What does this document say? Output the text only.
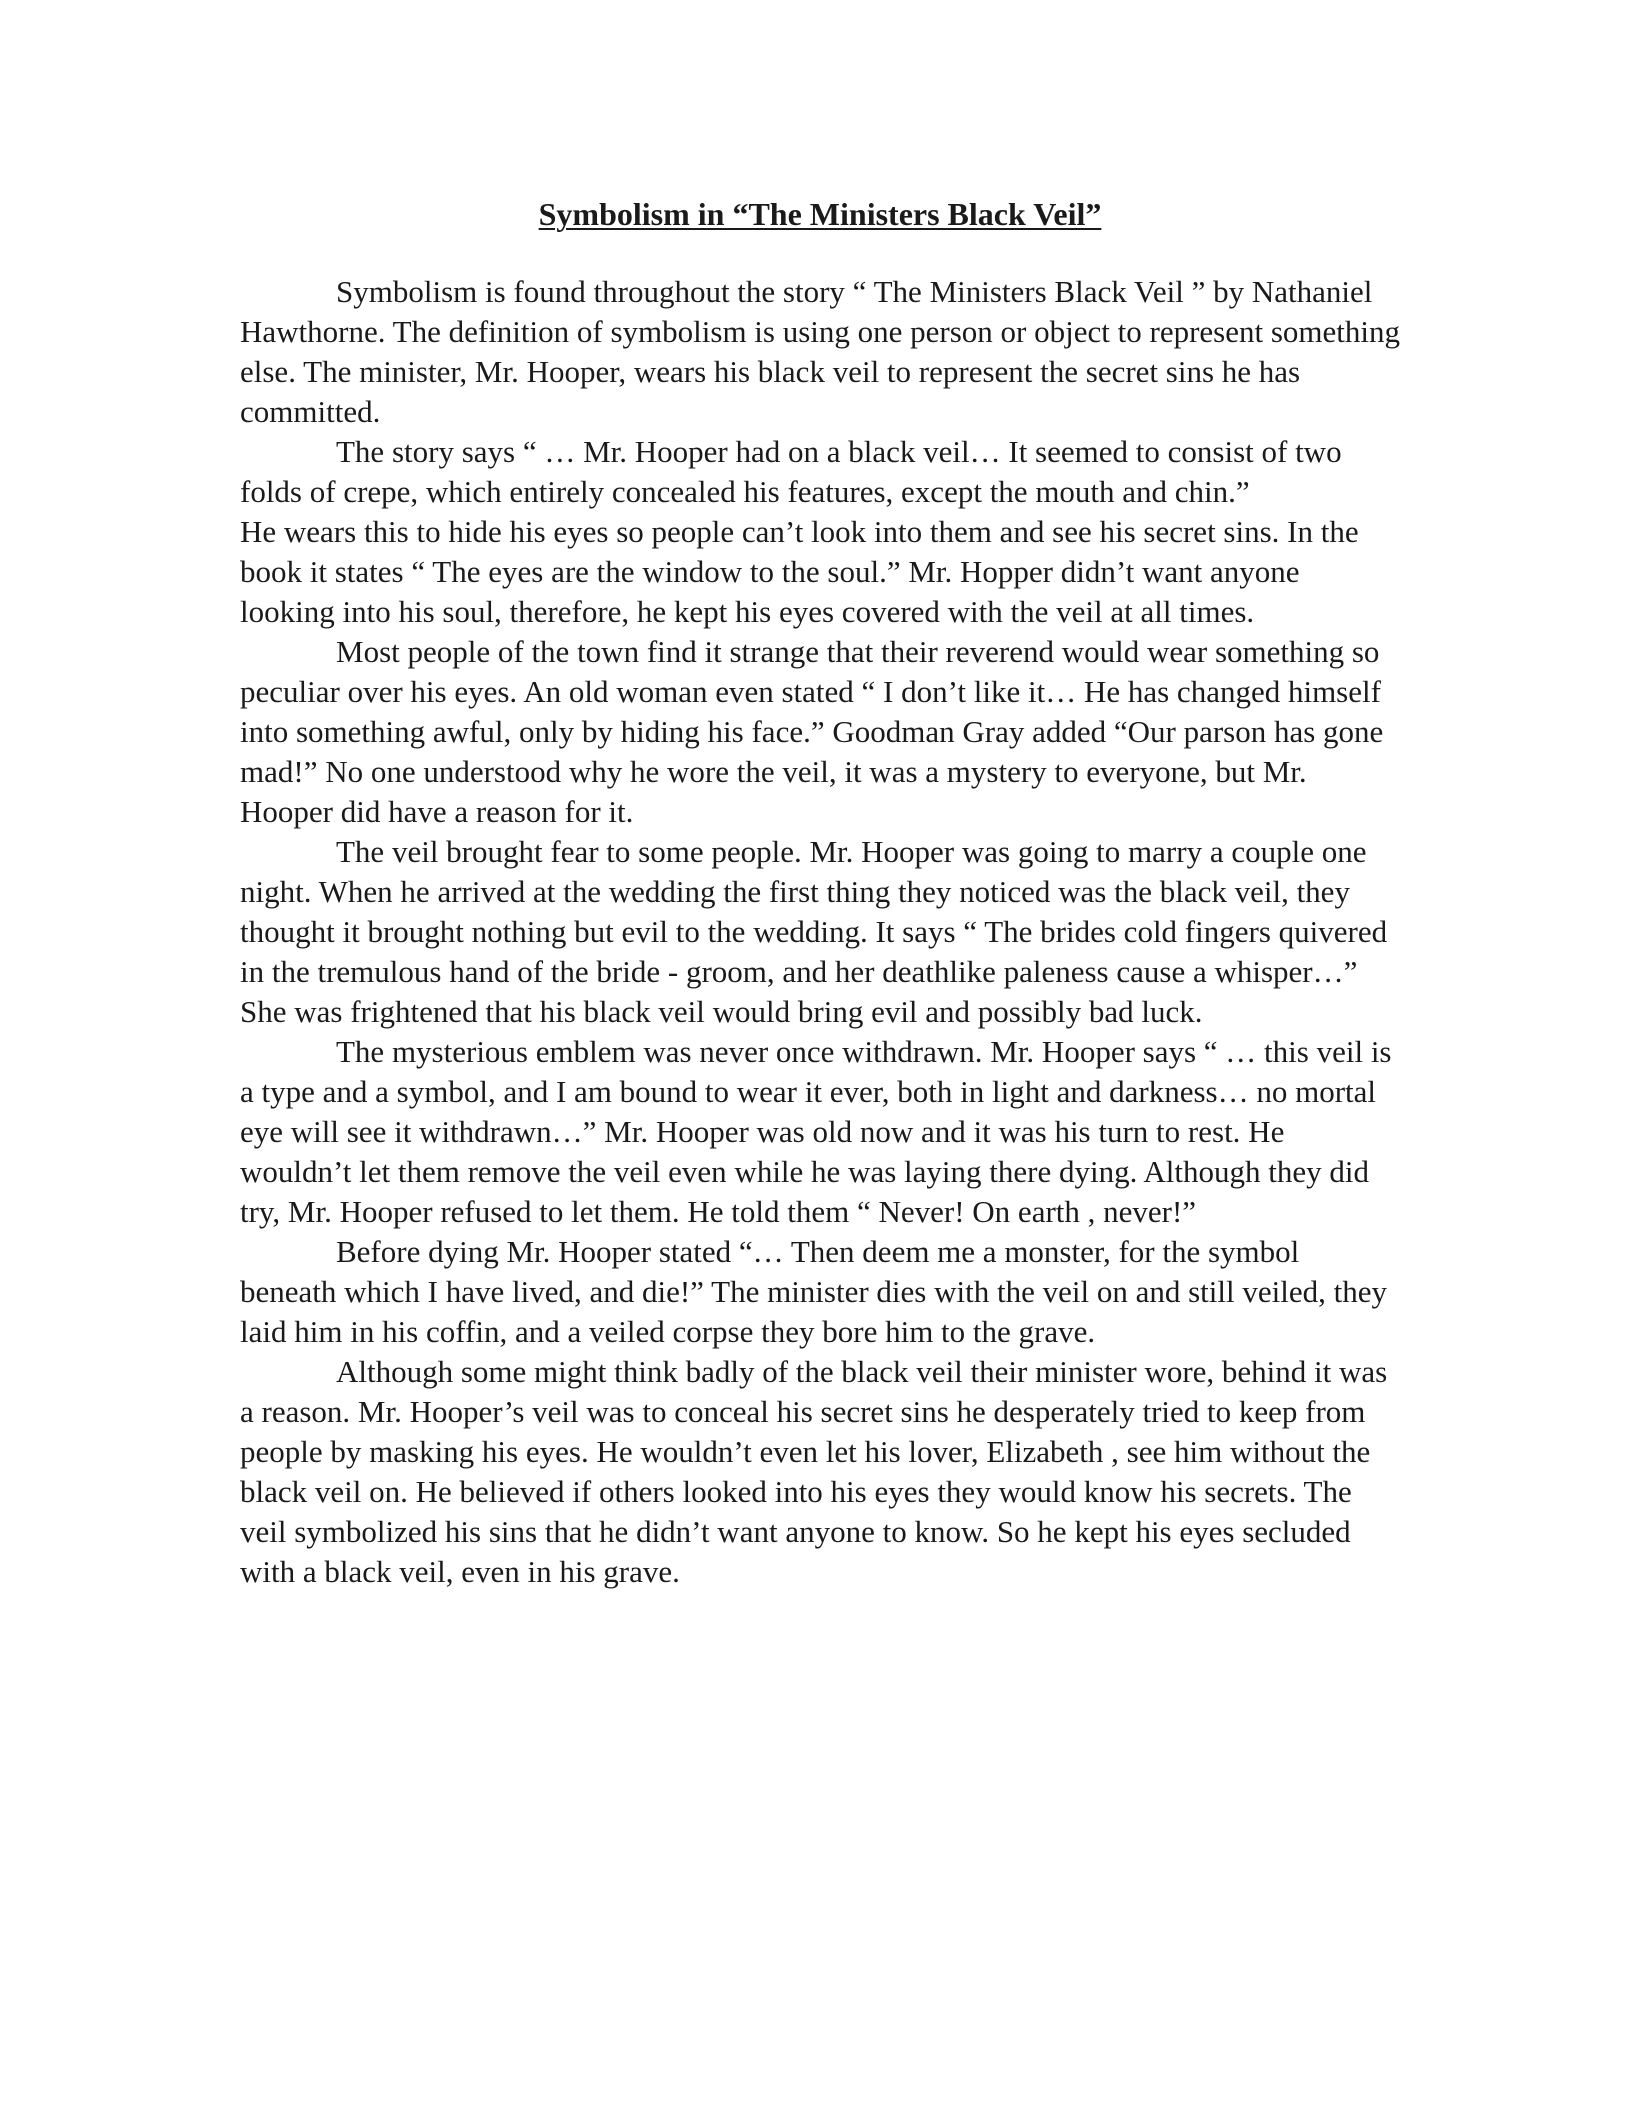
Symbolism in “The Ministers Black Veil”

Symbolism is found throughout the story “ The Ministers Black Veil ” by Nathaniel Hawthorne. The definition of symbolism is using one person or object to represent something else. The minister, Mr. Hooper, wears his black veil to represent the secret sins he has committed.

The story says “ … Mr. Hooper had on a black veil… It seemed to consist of two folds of crepe, which entirely concealed his features, except the mouth and chin.”

He wears this to hide his eyes so people can’t look into them and see his secret sins. In the book it states “ The eyes are the window to the soul.” Mr. Hopper didn’t want anyone looking into his soul, therefore, he kept his eyes covered with the veil at all times.

Most people of the town find it strange that their reverend would wear something so peculiar over his eyes. An old woman even stated “ I don’t like it… He has changed himself into something awful, only by hiding his face.” Goodman Gray added “Our parson has gone mad!” No one understood why he wore the veil, it was a mystery to everyone, but Mr. Hooper did have a reason for it.

The veil brought fear to some people. Mr. Hooper was going to marry a couple one night. When he arrived at the wedding the first thing they noticed was the black veil, they thought it brought nothing but evil to the wedding. It says “ The brides cold fingers quivered in the tremulous hand of the bride - groom, and her deathlike paleness cause a whisper…” She was frightened that his black veil would bring evil and possibly bad luck.

The mysterious emblem was never once withdrawn. Mr. Hooper says “ … this veil is a type and a symbol, and I am bound to wear it ever, both in light and darkness… no mortal eye will see it withdrawn…” Mr. Hooper was old now and it was his turn to rest. He wouldn’t let them remove the veil even while he was laying there dying. Although they did try, Mr. Hooper refused to let them. He told them “ Never! On earth , never!”

Before dying Mr. Hooper stated “… Then deem me a monster, for the symbol beneath which I have lived, and die!” The minister dies with the veil on and still veiled, they laid him in his coffin, and a veiled corpse they bore him to the grave.

Although some might think badly of the black veil their minister wore, behind it was a reason. Mr. Hooper’s veil was to conceal his secret sins he desperately tried to keep from people by masking his eyes. He wouldn’t even let his lover, Elizabeth , see him without the black veil on. He believed if others looked into his eyes they would know his secrets. The veil symbolized his sins that he didn’t want anyone to know. So he kept his eyes secluded with a black veil, even in his grave.
